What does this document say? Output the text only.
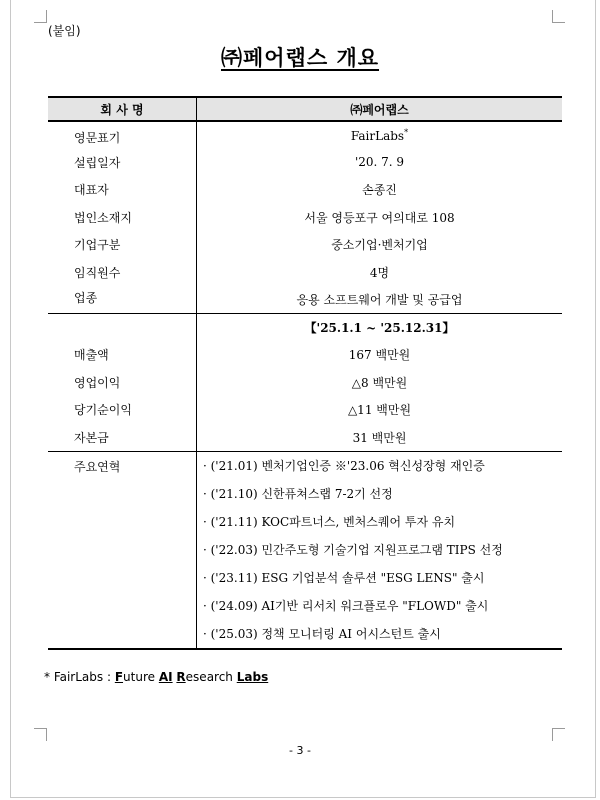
(붙임)
㈜페어랩스 개요
회 사 명	㈜페어랩스
영문표기	FairLabs*
설립일자	'20. 7. 9
대표자	손종진
법인소재지	서울 영등포구 여의대로 108
기업구분	중소기업·벤처기업
임직원수	4명
업종	응용 소프트웨어 개발 및 공급업
	【'25.1.1 ~ '25.12.31】
매출액	167 백만원
영업이익	△8 백만원
당기순이익	△11 백만원
자본금	31 백만원
주요연혁	· ('21.01) 벤처기업인증 ※'23.06 혁신성장형 재인증
	· ('21.10) 신한퓨쳐스랩 7-2기 선정
	· ('21.11) KOC파트너스, 벤처스퀘어 투자 유치
	· ('22.03) 민간주도형 기술기업 지원프로그램 TIPS 선정
	· ('23.11) ESG 기업분석 솔루션 "ESG LENS" 출시
	· ('24.09) AI기반 리서치 워크플로우 "FLOWD" 출시
	· ('25.03) 정책 모니터링 AI 어시스턴트 출시
* FairLabs : Future AI Research Labs
- 3 -
